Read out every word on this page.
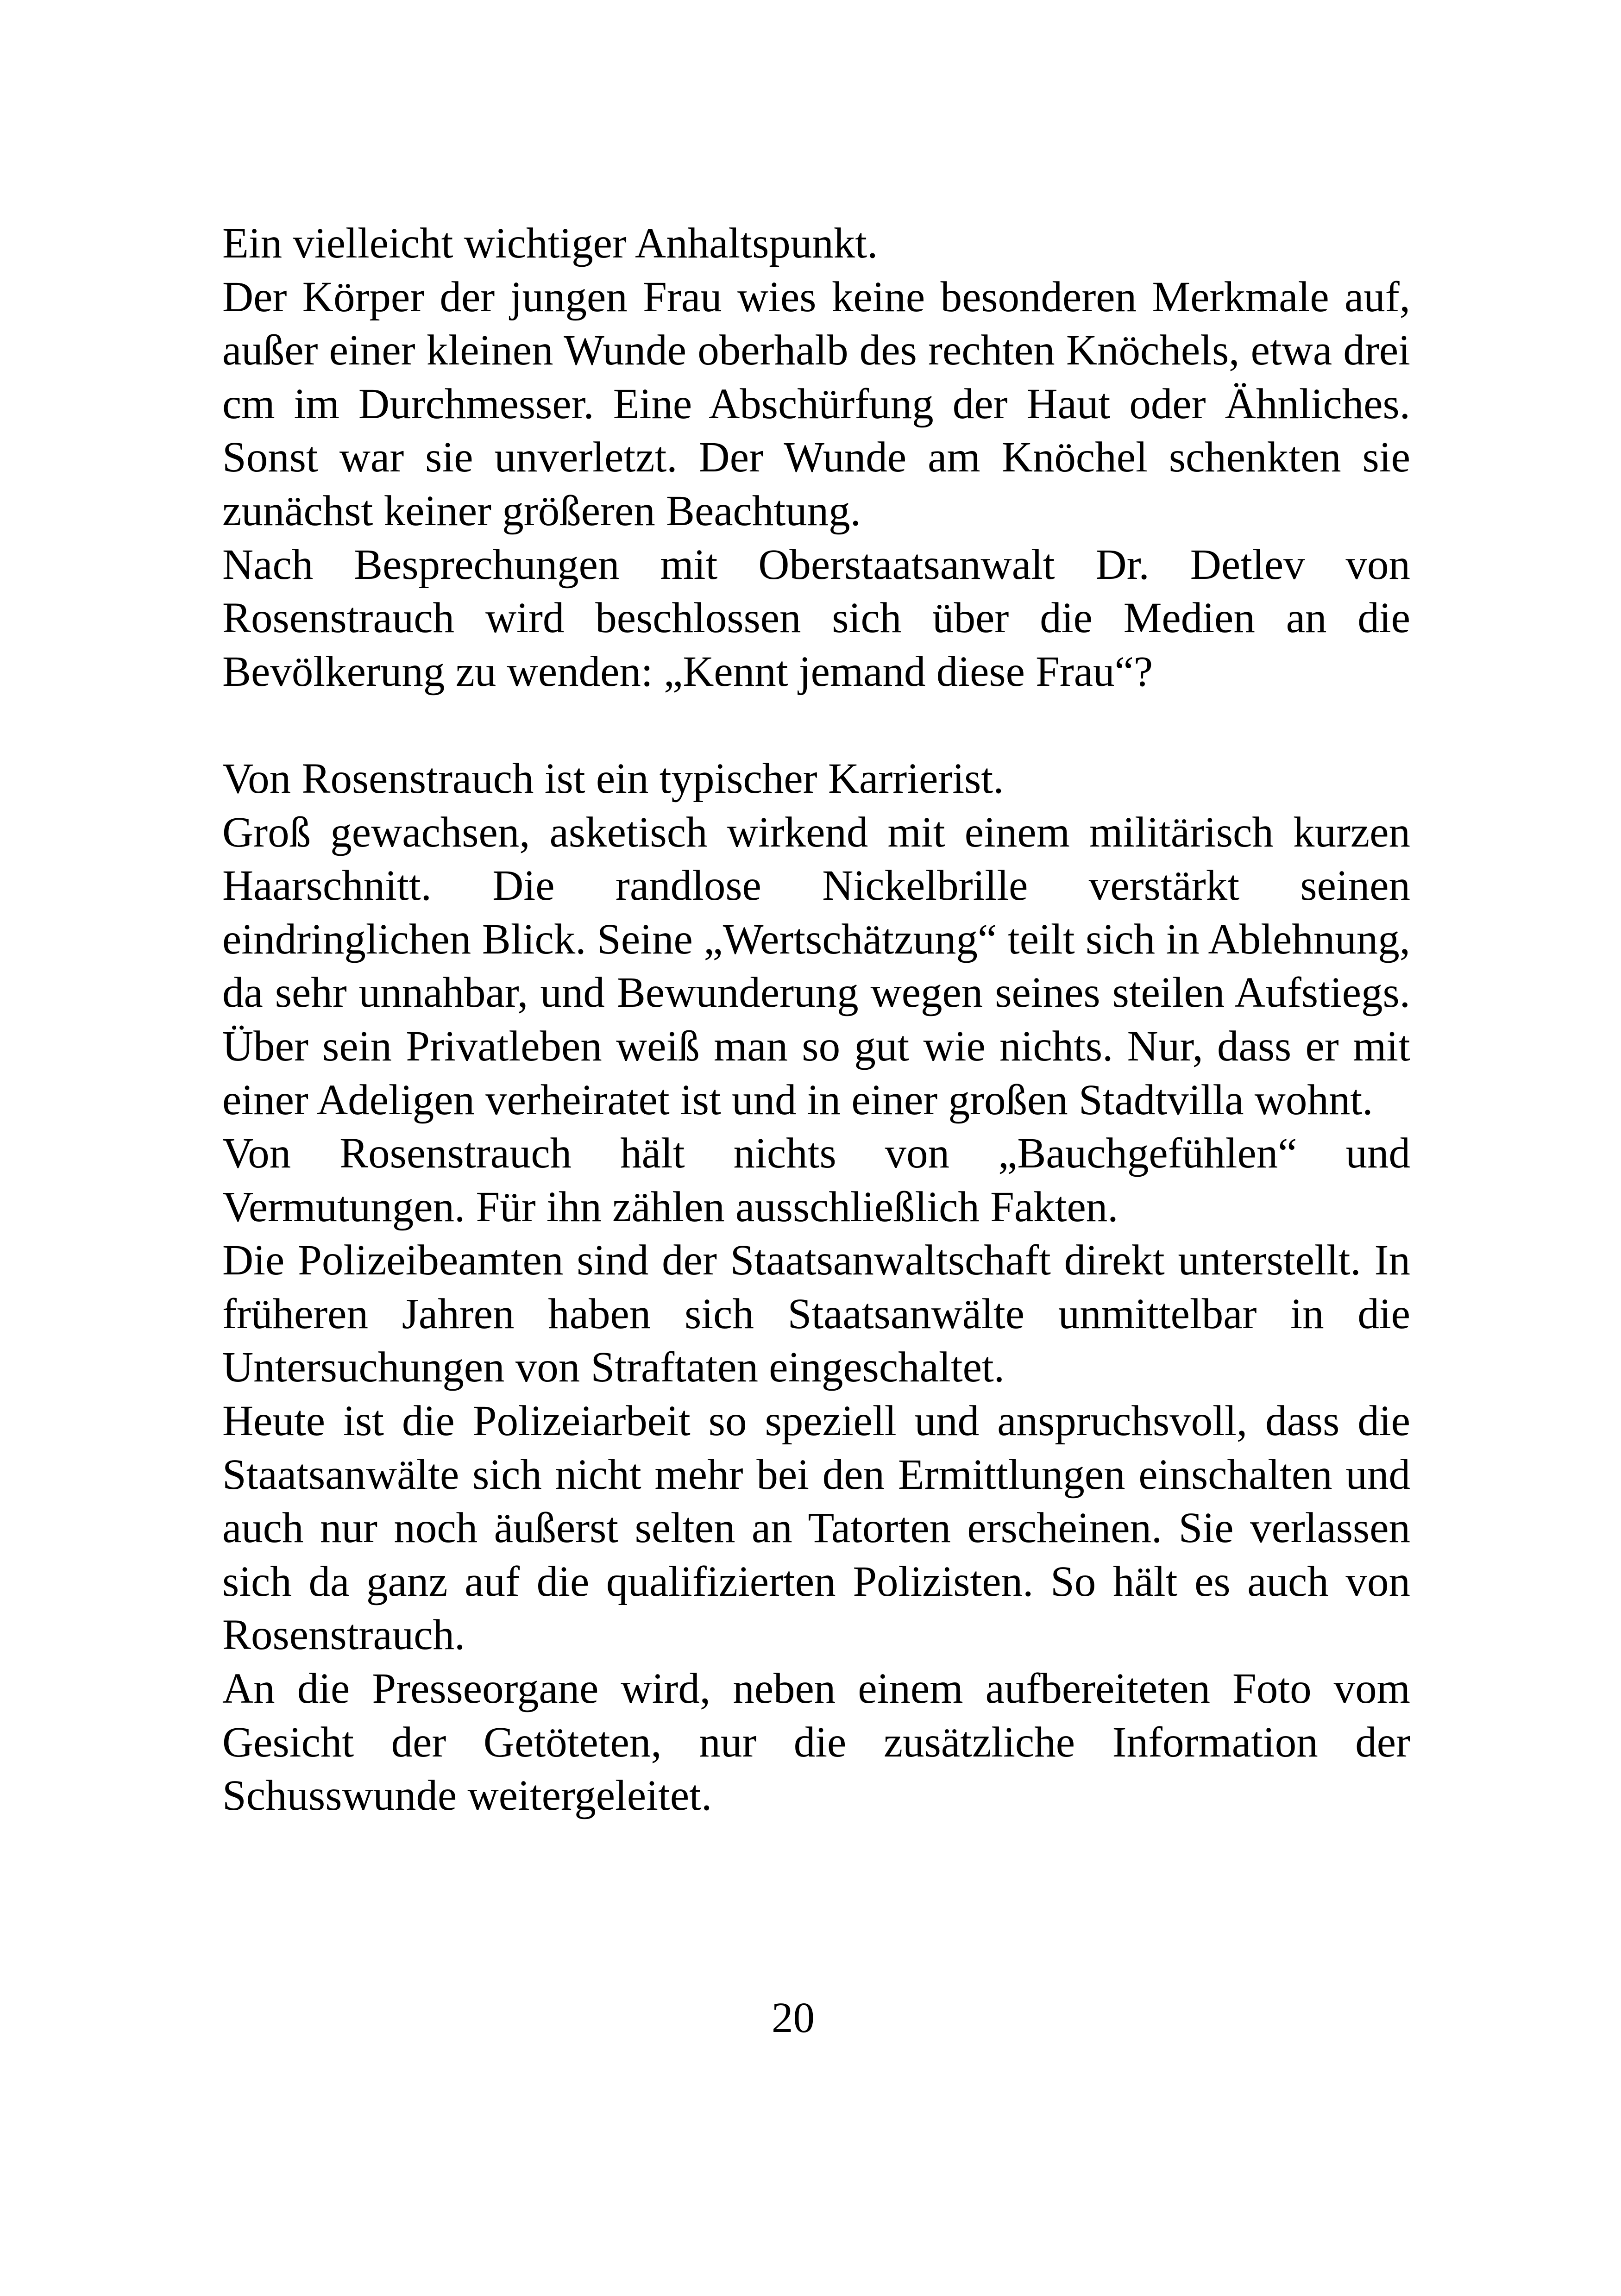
Ein vielleicht wichtiger Anhaltspunkt.

Der Körper der jungen Frau wies keine besonderen Merkmale auf, außer einer kleinen Wunde oberhalb des rechten Knöchels, etwa drei cm im Durchmesser. Eine Abschürfung der Haut oder Ähnliches. Sonst war sie unverletzt. Der Wunde am Knöchel schenkten sie zunächst keiner größeren Beachtung.

Nach Besprechungen mit Oberstaatsanwalt Dr. Detlev von Rosenstrauch wird beschlossen sich über die Medien an die Bevölkerung zu wenden: „Kennt jemand diese Frau“?

Von Rosenstrauch ist ein typischer Karrierist.

Groß gewachsen, asketisch wirkend mit einem militärisch kurzen Haarschnitt. Die randlose Nickelbrille verstärkt seinen eindringlichen Blick. Seine „Wertschätzung“ teilt sich in Ablehnung, da sehr unnahbar, und Bewunderung wegen seines steilen Aufstiegs. Über sein Privatleben weiß man so gut wie nichts. Nur, dass er mit einer Adeligen verheiratet ist und in einer großen Stadtvilla wohnt.

Von Rosenstrauch hält nichts von „Bauchgefühlen“ und Vermutungen. Für ihn zählen ausschließlich Fakten.

Die Polizeibeamten sind der Staatsanwaltschaft direkt unterstellt. In früheren Jahren haben sich Staatsanwälte unmittelbar in die Untersuchungen von Straftaten eingeschaltet.

Heute ist die Polizeiarbeit so speziell und anspruchsvoll, dass die Staatsanwälte sich nicht mehr bei den Ermittlungen einschalten und auch nur noch äußerst selten an Tatorten erscheinen. Sie verlassen sich da ganz auf die qualifizierten Polizisten. So hält es auch von Rosenstrauch.

An die Presseorgane wird, neben einem aufbereiteten Foto vom Gesicht der Getöteten, nur die zusätzliche Information der Schusswunde weitergeleitet.

20
